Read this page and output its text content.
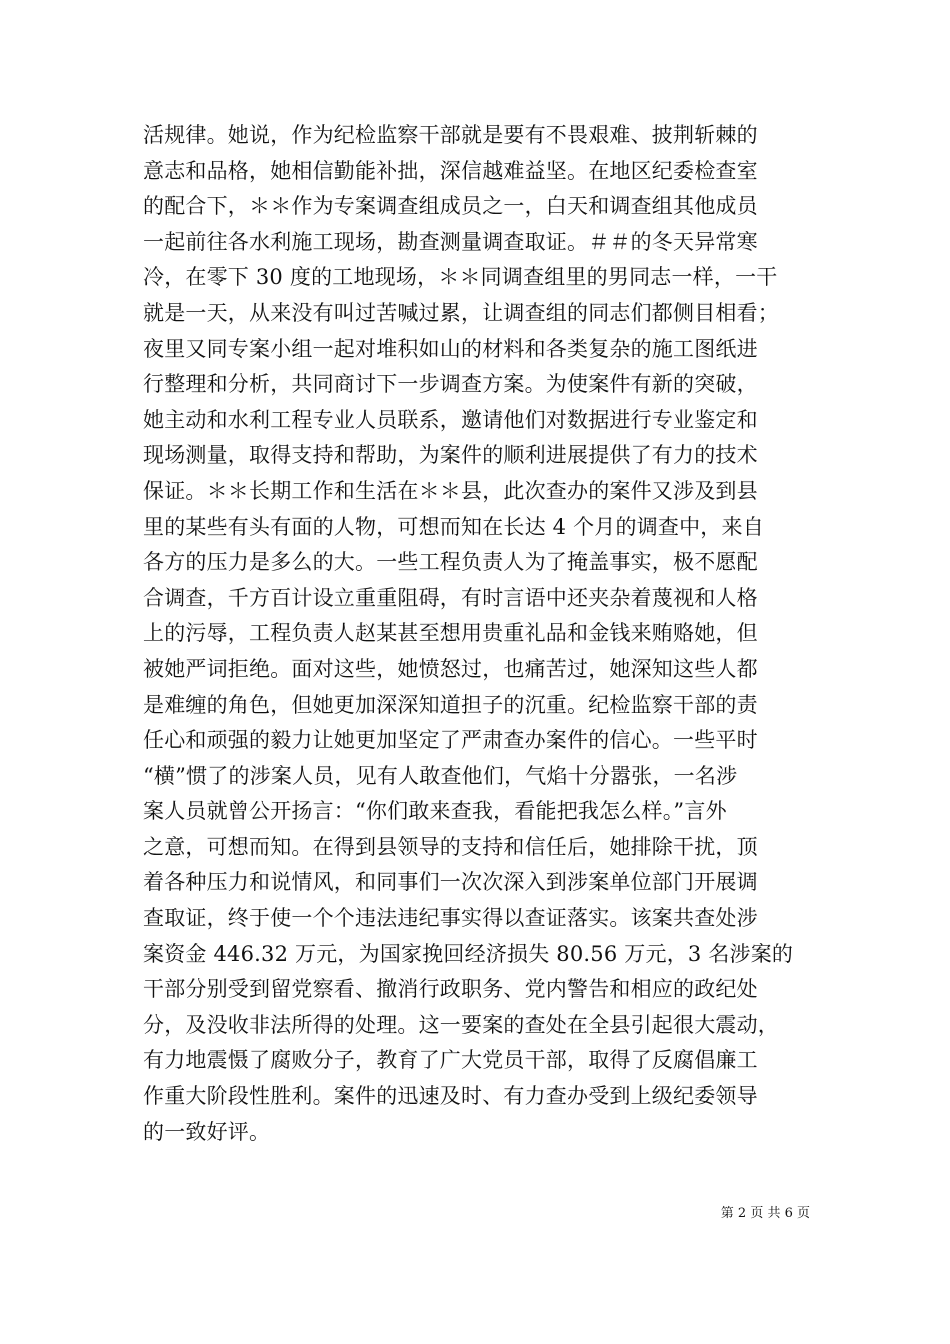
活规律。她说，作为纪检监察干部就是要有不畏艰难、披荆斩棘的
意志和品格，她相信勤能补拙，深信越难益坚。在地区纪委检查室
的配合下，＊＊作为专案调查组成员之一，白天和调查组其他成员
一起前往各水利施工现场，勘查测量调查取证。＃＃的冬天异常寒
冷，在零下 30 度的工地现场，＊＊同调查组里的男同志一样，一干
就是一天，从来没有叫过苦喊过累，让调查组的同志们都侧目相看；
夜里又同专案小组一起对堆积如山的材料和各类复杂的施工图纸进
行整理和分析，共同商讨下一步调查方案。为使案件有新的突破，
她主动和水利工程专业人员联系，邀请他们对数据进行专业鉴定和
现场测量，取得支持和帮助，为案件的顺利进展提供了有力的技术
保证。＊＊长期工作和生活在＊＊县，此次查办的案件又涉及到县
里的某些有头有面的人物，可想而知在长达 4 个月的调查中，来自
各方的压力是多么的大。一些工程负责人为了掩盖事实，极不愿配
合调查，千方百计设立重重阻碍，有时言语中还夹杂着蔑视和人格
上的污辱，工程负责人赵某甚至想用贵重礼品和金钱来贿赂她，但
被她严词拒绝。面对这些，她愤怒过，也痛苦过，她深知这些人都
是难缠的角色，但她更加深深知道担子的沉重。纪检监察干部的责
任心和顽强的毅力让她更加坚定了严肃查办案件的信心。一些平时
“横”惯了的涉案人员，见有人敢查他们，气焰十分嚣张，一名涉
案人员就曾公开扬言：“你们敢来查我，看能把我怎么样。”言外
之意，可想而知。在得到县领导的支持和信任后，她排除干扰，顶
着各种压力和说情风，和同事们一次次深入到涉案单位部门开展调
查取证，终于使一个个违法违纪事实得以查证落实。该案共查处涉
案资金 446.32 万元，为国家挽回经济损失 80.56 万元，3 名涉案的
干部分别受到留党察看、撤消行政职务、党内警告和相应的政纪处
分，及没收非法所得的处理。这一要案的查处在全县引起很大震动，
有力地震慑了腐败分子，教育了广大党员干部，取得了反腐倡廉工
作重大阶段性胜利。案件的迅速及时、有力查办受到上级纪委领导
的一致好评。
第 2 页 共 6 页
